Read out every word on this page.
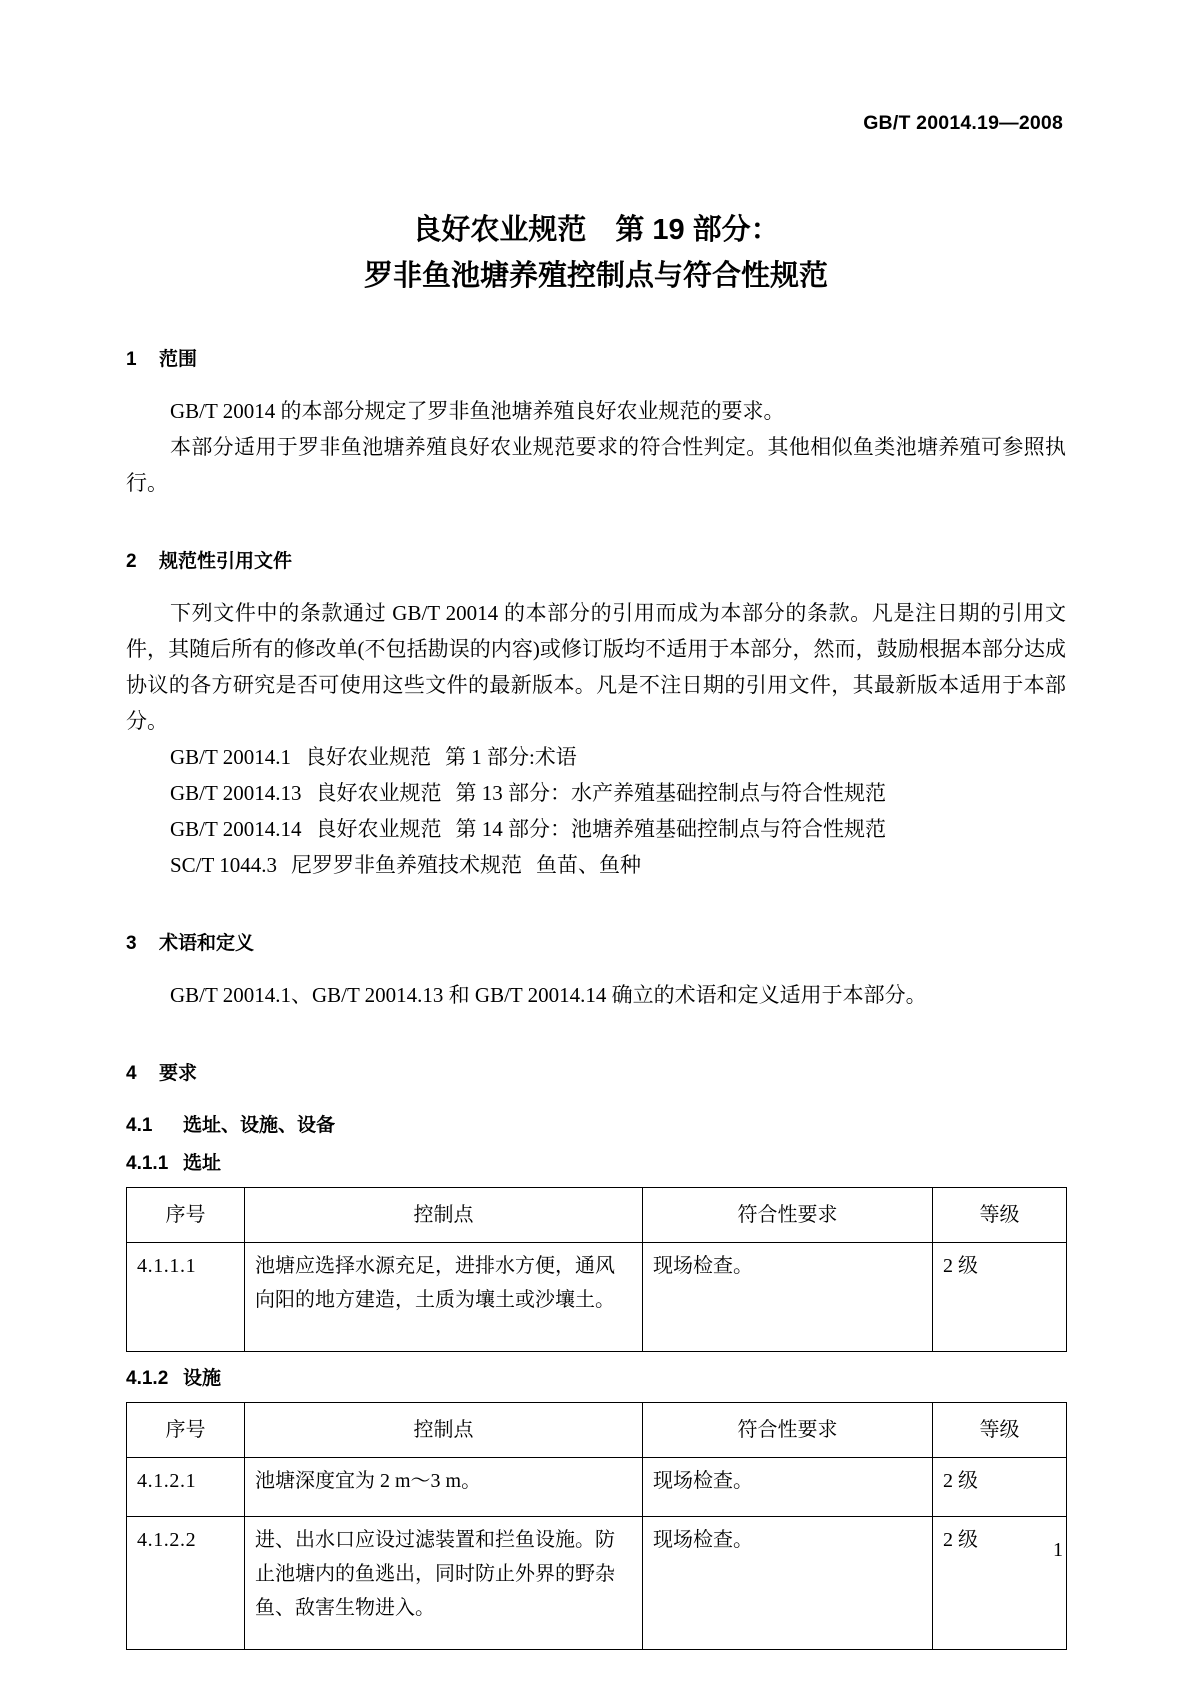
GB/T 20014.19—2008
良好农业规范　第 19 部分：
罗非鱼池塘养殖控制点与符合性规范
1 范围

GB/T 20014 的本部分规定了罗非鱼池塘养殖良好农业规范的要求。

本部分适用于罗非鱼池塘养殖良好农业规范要求的符合性判定。其他相似鱼类池塘养殖可参照执行。

2 规范性引用文件

下列文件中的条款通过 GB/T 20014 的本部分的引用而成为本部分的条款。凡是注日期的引用文件，其随后所有的修改单(不包括勘误的内容)或修订版均不适用于本部分，然而，鼓励根据本部分达成协议的各方研究是否可使用这些文件的最新版本。凡是不注日期的引用文件，其最新版本适用于本部分。

GB/T 20014.1 良好农业规范 第 1 部分:术语

GB/T 20014.13 良好农业规范 第 13 部分：水产养殖基础控制点与符合性规范

GB/T 20014.14 良好农业规范 第 14 部分：池塘养殖基础控制点与符合性规范

SC/T 1044.3 尼罗罗非鱼养殖技术规范 鱼苗、鱼种

3 术语和定义

GB/T 20014.1、GB/T 20014.13 和 GB/T 20014.14 确立的术语和定义适用于本部分。

4 要求
4.1 选址、设施、设备
4.1.1 选址
序号	控制点	符合性要求	等级
4.1.1.1	池塘应选择水源充足，进排水方便，通风向阳的地方建造，土质为壤土或沙壤土。	现场检查。	2 级
4.1.2 设施
序号	控制点	符合性要求	等级
4.1.2.1	池塘深度宜为 2 m～3 m。	现场检查。	2 级
4.1.2.2	进、出水口应设过滤装置和拦鱼设施。防止池塘内的鱼逃出，同时防止外界的野杂鱼、敌害生物进入。	现场检查。	2 级	1
